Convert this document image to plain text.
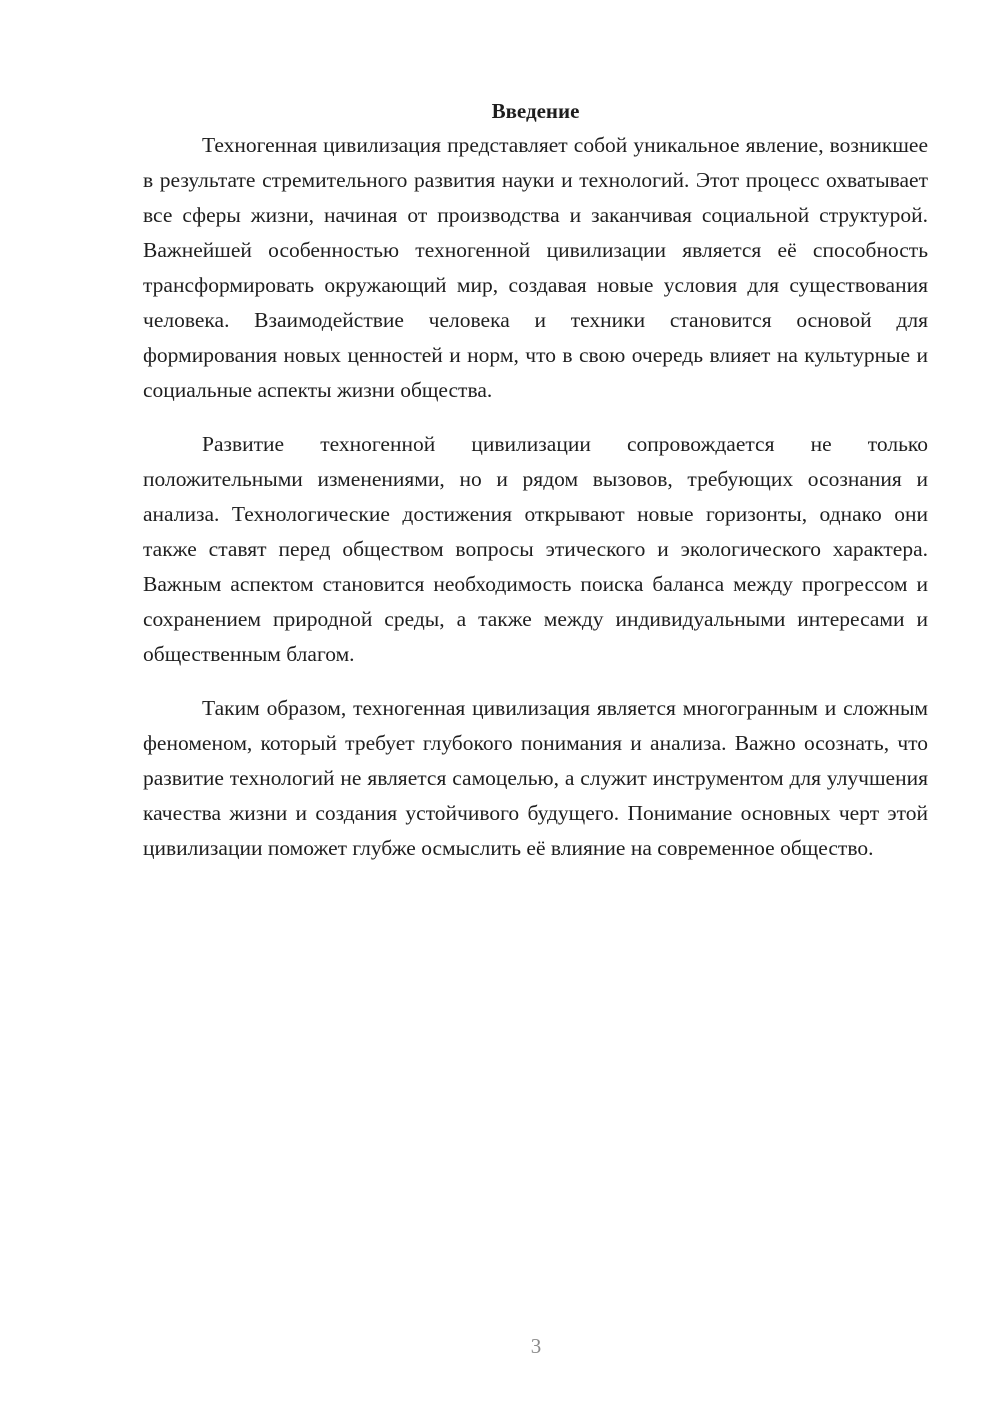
Введение

Техногенная цивилизация представляет собой уникальное явление, возникшее в результате стремительного развития науки и технологий. Этот процесс охватывает все сферы жизни, начиная от производства и заканчивая социальной структурой. Важнейшей особенностью техногенной цивилизации является её способность трансформировать окружающий мир, создавая новые условия для существования человека. Взаимодействие человека и техники становится основой для формирования новых ценностей и норм, что в свою очередь влияет на культурные и социальные аспекты жизни общества.

Развитие техногенной цивилизации сопровождается не только положительными изменениями, но и рядом вызовов, требующих осознания и анализа. Технологические достижения открывают новые горизонты, однако они также ставят перед обществом вопросы этического и экологического характера. Важным аспектом становится необходимость поиска баланса между прогрессом и сохранением природной среды, а также между индивидуальными интересами и общественным благом.

Таким образом, техногенная цивилизация является многогранным и сложным феноменом, который требует глубокого понимания и анализа. Важно осознать, что развитие технологий не является самоцелью, а служит инструментом для улучшения качества жизни и создания устойчивого будущего. Понимание основных черт этой цивилизации поможет глубже осмыслить её влияние на современное общество.

3
